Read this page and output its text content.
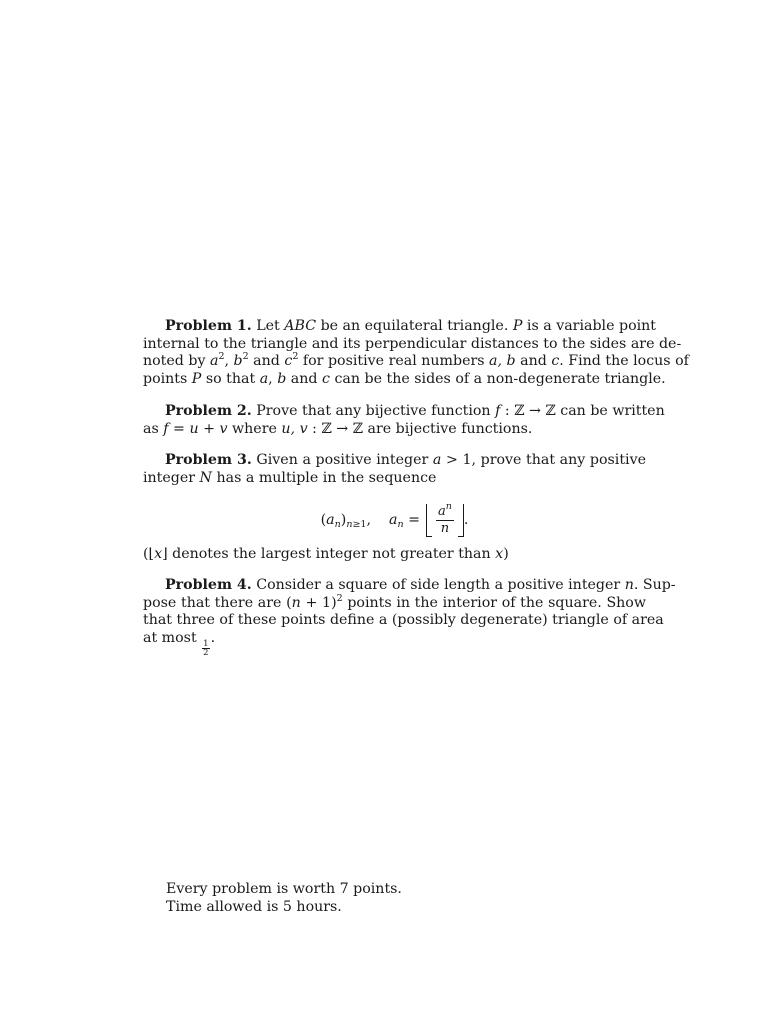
Problem 1. Let ABC be an equilateral triangle. P is a variable point
internal to the triangle and its perpendicular distances to the sides are de-
noted by $a^2$, $b^2$ and $c^2$ for positive real numbers a, b and c. Find the locus of
points P so that a, b and c can be the sides of a non-degenerate triangle.
Problem 2. Prove that any bijective function f : ℤ → ℤ can be written
as f = u + v where u, v : ℤ → ℤ are bijective functions.
Problem 3. Given a positive integer a > 1, prove that any positive
integer N has a multiple in the sequence
$(a_n)_{n\ge 1}$, $a_n = \frac{a^n}{n}$ .
(⌊x⌋ denotes the largest integer not greater than x)
Problem 4. Consider a square of side length a positive integer n. Sup-
pose that there are $(n + 1)^2$ points in the interior of the square. Show
that three of these points define a (possibly degenerate) triangle of area
at most
$\frac{1}{2}$
.
Every problem is worth 7 points.
Time allowed is 5 hours.
